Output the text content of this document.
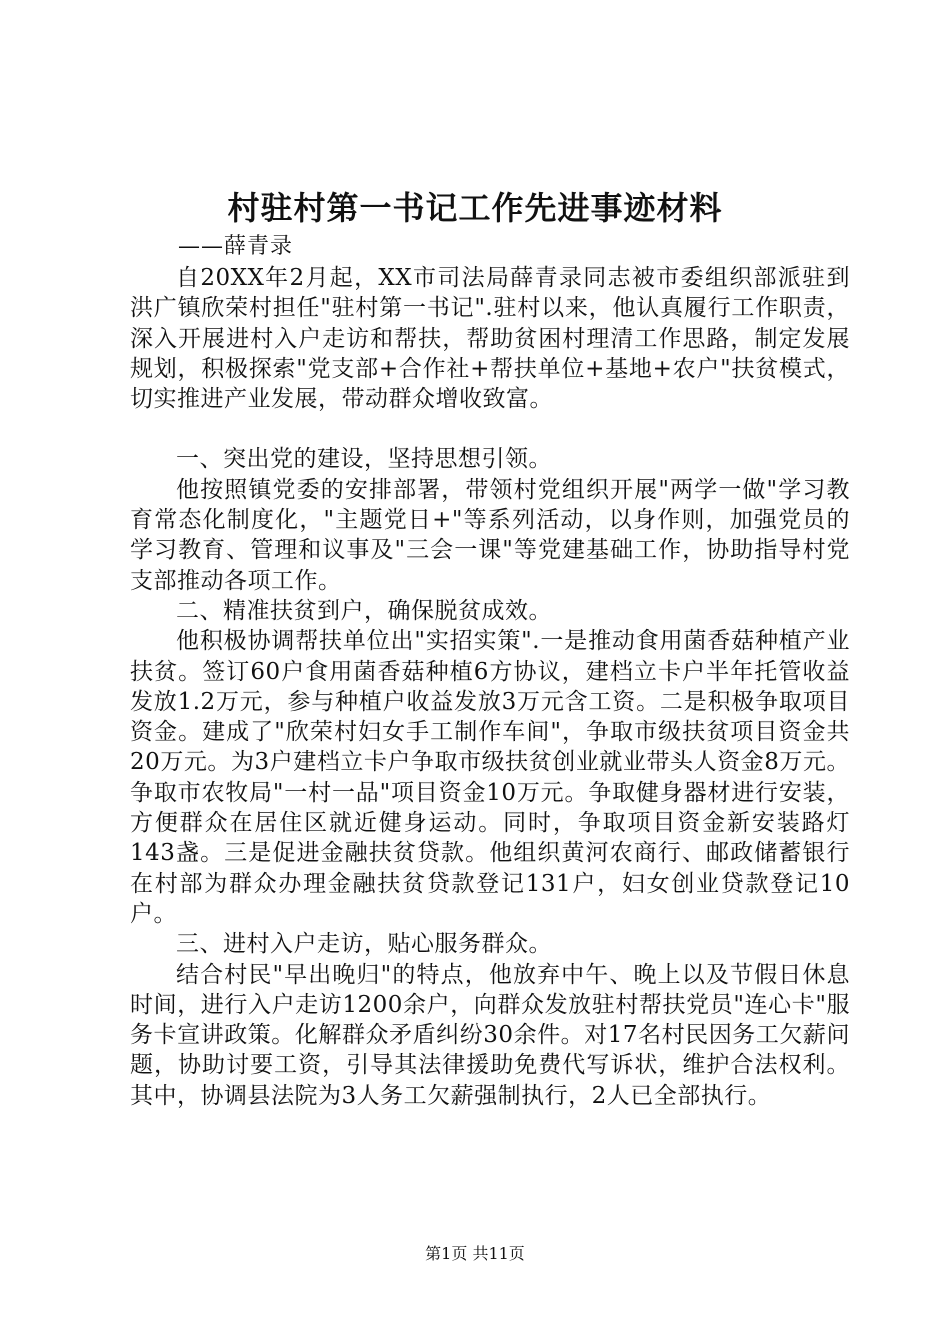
村驻村第一书记工作先进事迹材料
——薛青录

自20XX年2月起，XX市司法局薛青录同志被市委组织部派驻到洪广镇欣荣村担任"驻村第一书记".驻村以来，他认真履行工作职责，深入开展进村入户走访和帮扶，帮助贫困村理清工作思路，制定发展规划，积极探索"党支部+合作社+帮扶单位+基地+农户"扶贫模式，切实推进产业发展，带动群众增收致富。

一、突出党的建设，坚持思想引领。

他按照镇党委的安排部署，带领村党组织开展"两学一做"学习教育常态化制度化，"主题党日+"等系列活动，以身作则，加强党员的学习教育、管理和议事及"三会一课"等党建基础工作，协助指导村党支部推动各项工作。

二、精准扶贫到户，确保脱贫成效。

他积极协调帮扶单位出"实招实策".一是推动食用菌香菇种植产业扶贫。签订60户食用菌香菇种植6方协议，建档立卡户半年托管收益发放1.2万元，参与种植户收益发放3万元含工资。二是积极争取项目资金。建成了"欣荣村妇女手工制作车间"，争取市级扶贫项目资金共20万元。为3户建档立卡户争取市级扶贫创业就业带头人资金8万元。争取市农牧局"一村一品"项目资金10万元。争取健身器材进行安装，方便群众在居住区就近健身运动。同时，争取项目资金新安装路灯143盏。三是促进金融扶贫贷款。他组织黄河农商行、邮政储蓄银行在村部为群众办理金融扶贫贷款登记131户，妇女创业贷款登记10户。

三、进村入户走访，贴心服务群众。

结合村民"早出晚归"的特点，他放弃中午、晚上以及节假日休息时间，进行入户走访1200余户，向群众发放驻村帮扶党员"连心卡"服务卡宣讲政策。化解群众矛盾纠纷30余件。对17名村民因务工欠薪问题，协助讨要工资，引导其法律援助免费代写诉状，维护合法权利。其中，协调县法院为3人务工欠薪强制执行，2人已全部执行。

第1页 共11页
